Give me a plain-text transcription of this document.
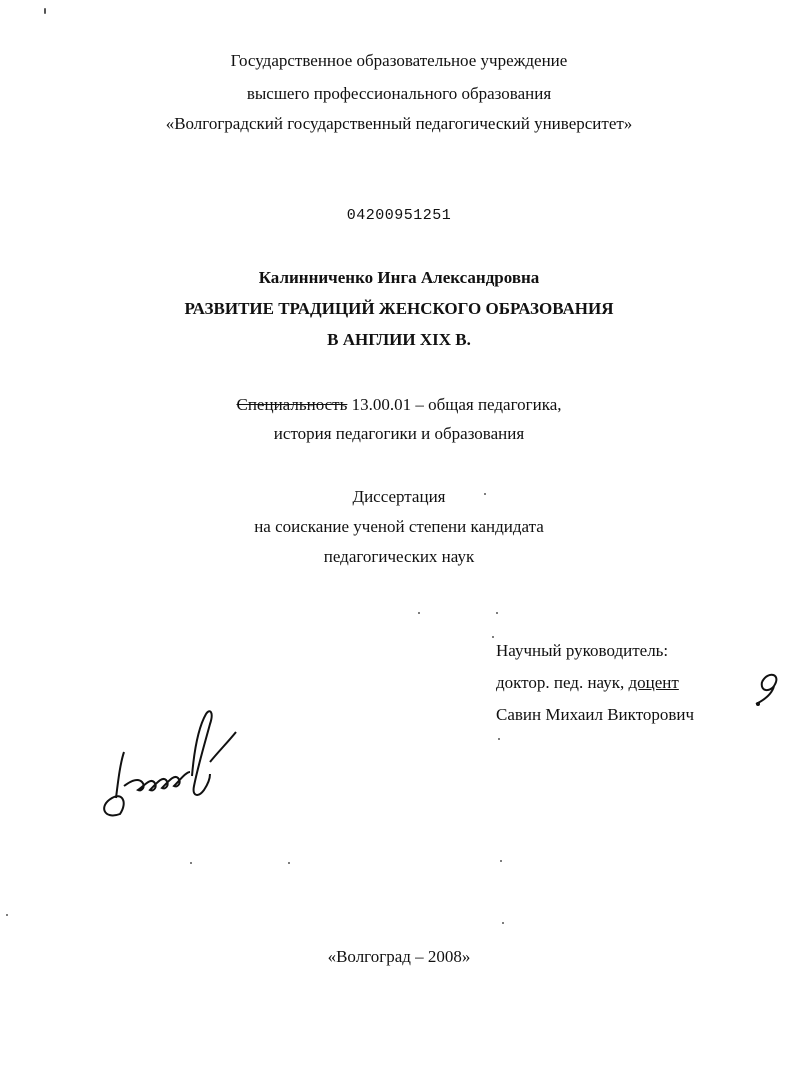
Государственное образовательное учреждение
высшего профессионального образования
«Волгоградский государственный педагогический университет»
04200951251
Калинниченко Инга Александровна
РАЗВИТИЕ ТРАДИЦИЙ ЖЕНСКОГО ОБРАЗОВАНИЯ
В АНГЛИИ XIX В.
Специальность 13.00.01 – общая педагогика,
история педагогики и образования
Диссертация
на соискание ученой степени кандидата
педагогических наук
Научный руководитель:
доктор. пед. наук, доцент
Савин Михаил Викторович
«Волгоград – 2008»
